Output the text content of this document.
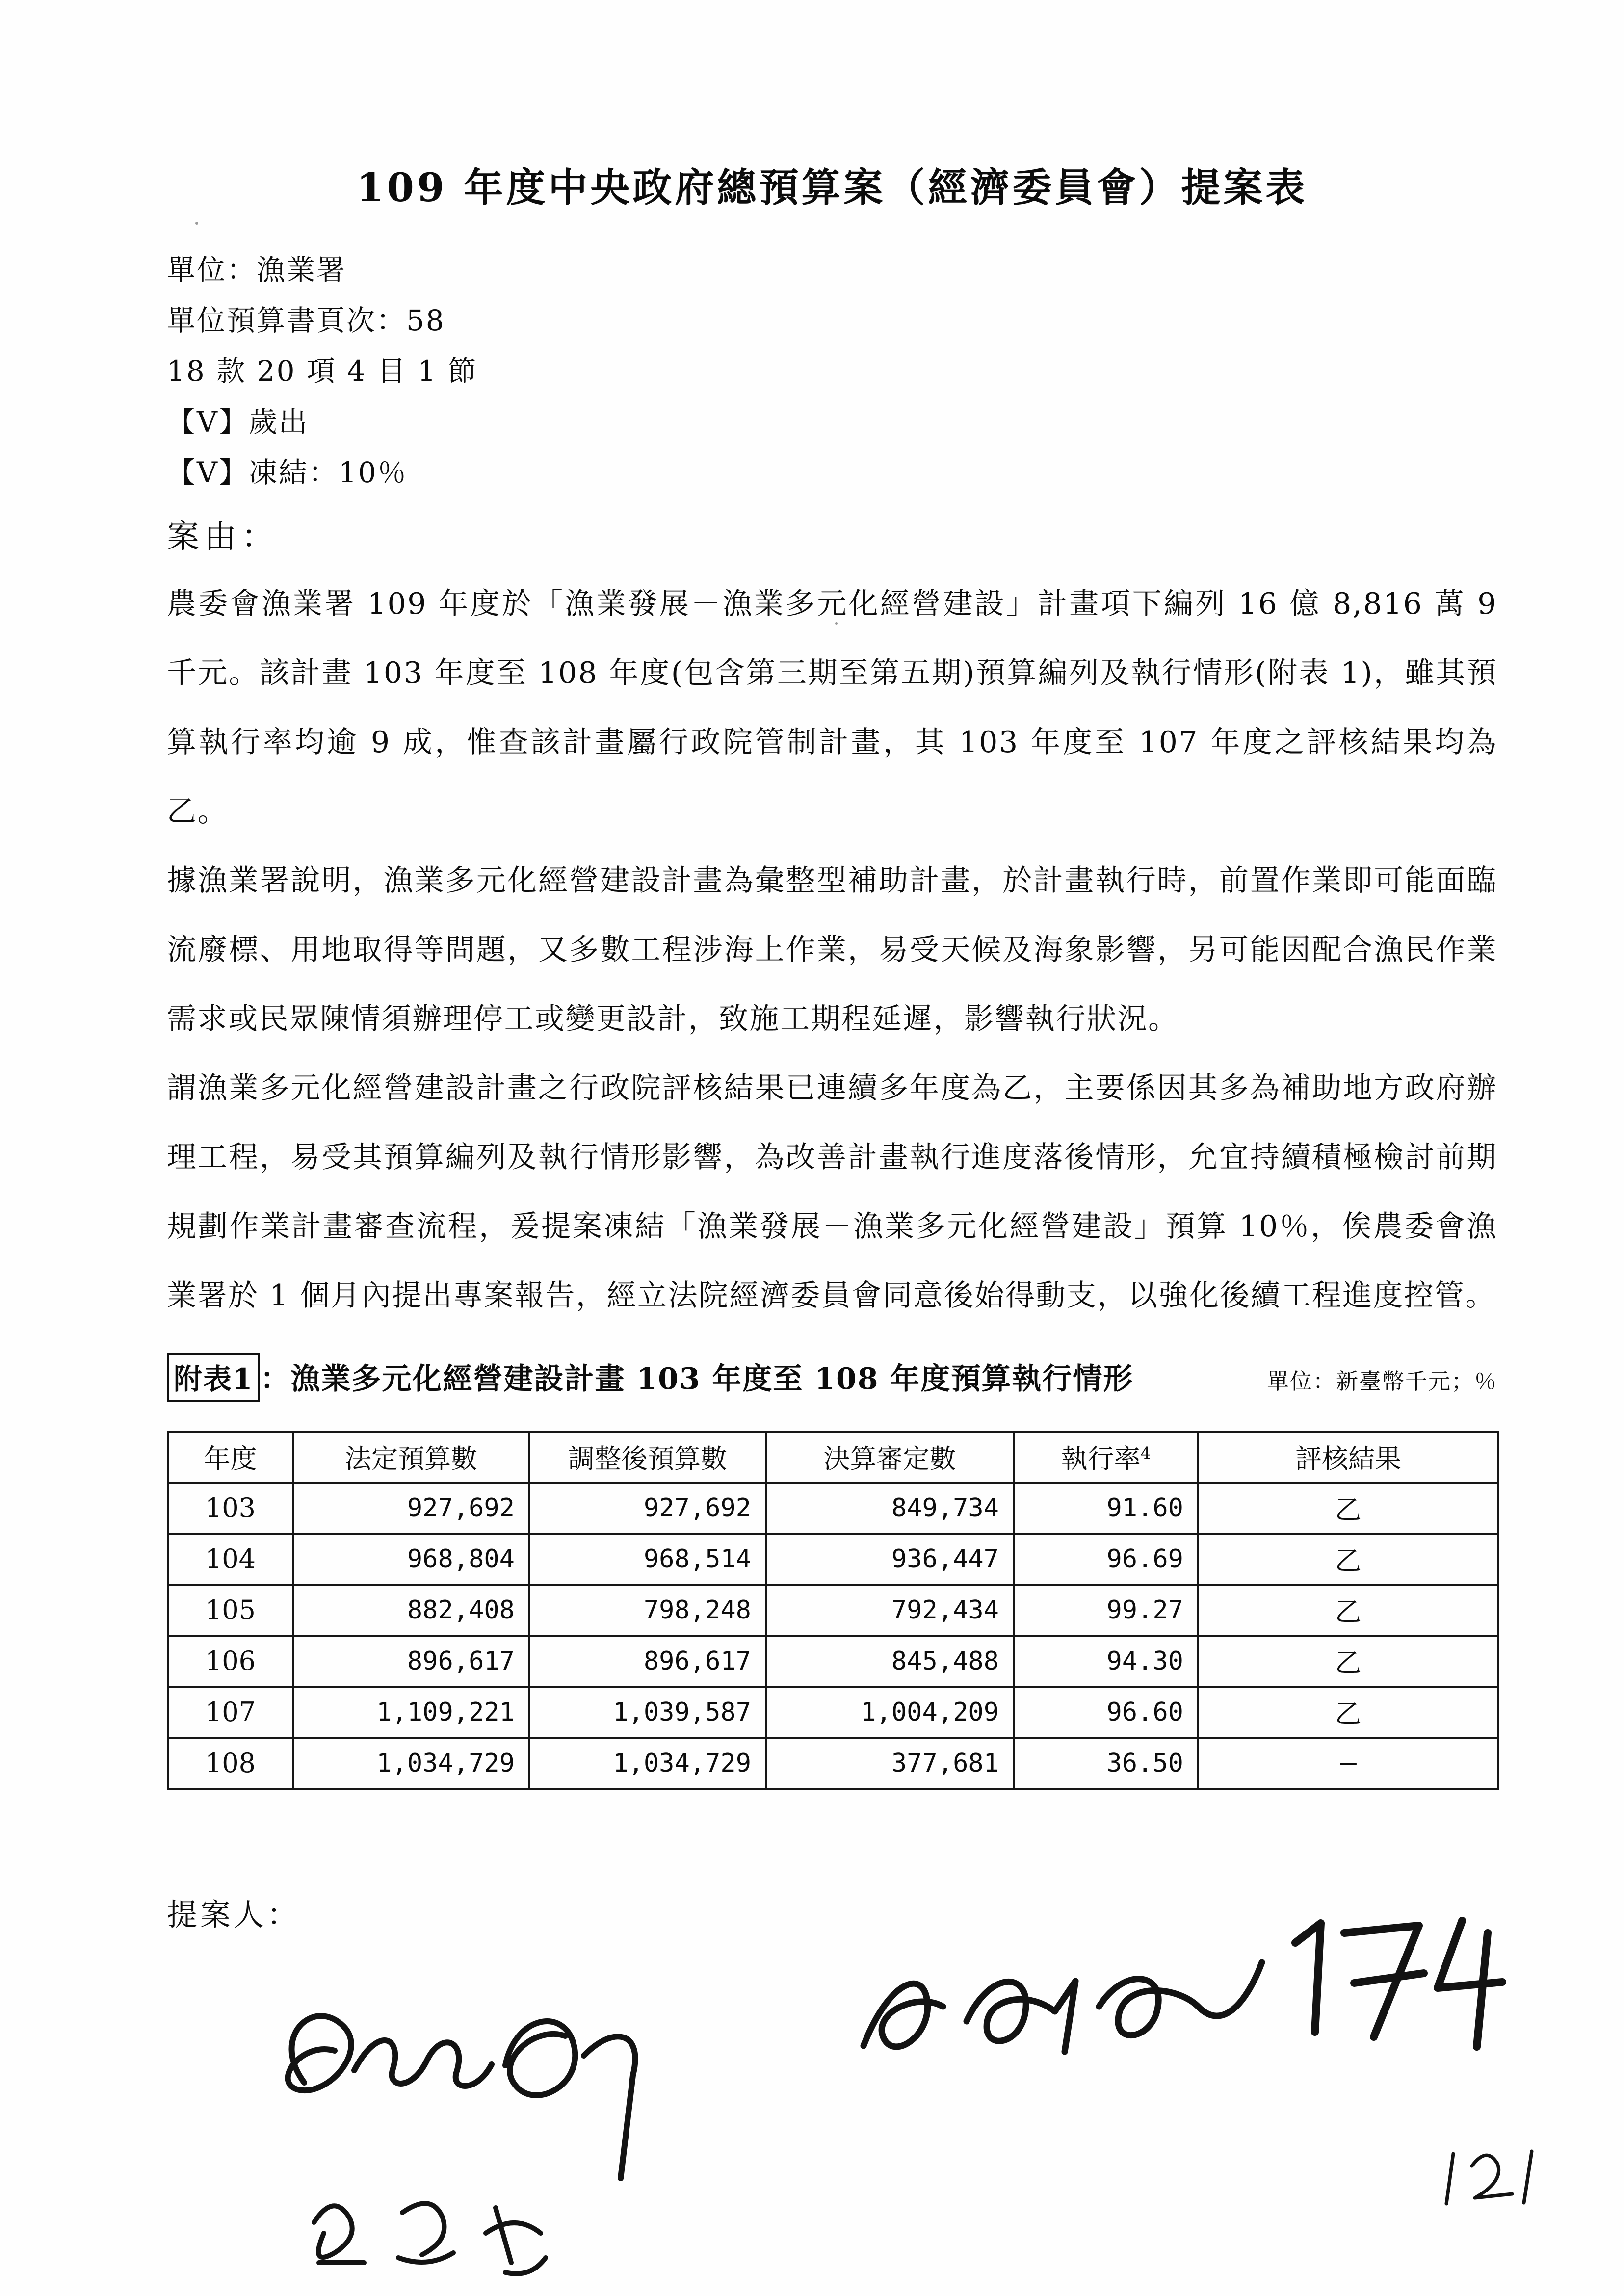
109 年度中央政府總預算案（經濟委員會）提案表
單位：漁業署
單位預算書頁次：58
18 款 20 項 4 目 1 節
【V】歲出
【V】凍結：10％
案由：

農委會漁業署 109 年度於「漁業發展－漁業多元化經營建設」計畫項下編列 16 億 8,816 萬 9 千元。該計畫 103 年度至 108 年度(包含第三期至第五期)預算編列及執行情形(附表 1)，雖其預算執行率均逾 9 成，惟查該計畫屬行政院管制計畫，其 103 年度至 107 年度之評核結果均為乙。

據漁業署說明，漁業多元化經營建設計畫為彙整型補助計畫，於計畫執行時，前置作業即可能面臨流廢標、用地取得等問題，又多數工程涉海上作業，易受天候及海象影響，另可能因配合漁民作業需求或民眾陳情須辦理停工或變更設計，致施工期程延遲，影響執行狀況。

謂漁業多元化經營建設計畫之行政院評核結果已連續多年度為乙，主要係因其多為補助地方政府辦理工程，易受其預算編列及執行情形影響，為改善計畫執行進度落後情形，允宜持續積極檢討前期規劃作業計畫審查流程，爰提案凍結「漁業發展－漁業多元化經營建設」預算 10％，俟農委會漁業署於 1 個月內提出專案報告，經立法院經濟委員會同意後始得動支，以強化後續工程進度控管。

附表1 ：漁業多元化經營建設計畫 103 年度至 108 年度預算執行情形	單位：新臺幣千元；％
年度	法定預算數	調整後預算數	決算審定數	執行率$^4$	評核結果
103	927,692	927,692	849,734	91.60	乙
104	968,804	968,514	936,447	96.69	乙
105	882,408	798,248	792,434	99.27	乙
106	896,617	896,617	845,488	94.30	乙
107	1,109,221	1,039,587	1,004,209	96.60	乙
108	1,034,729	1,034,729	377,681	36.50	−
提案人：
